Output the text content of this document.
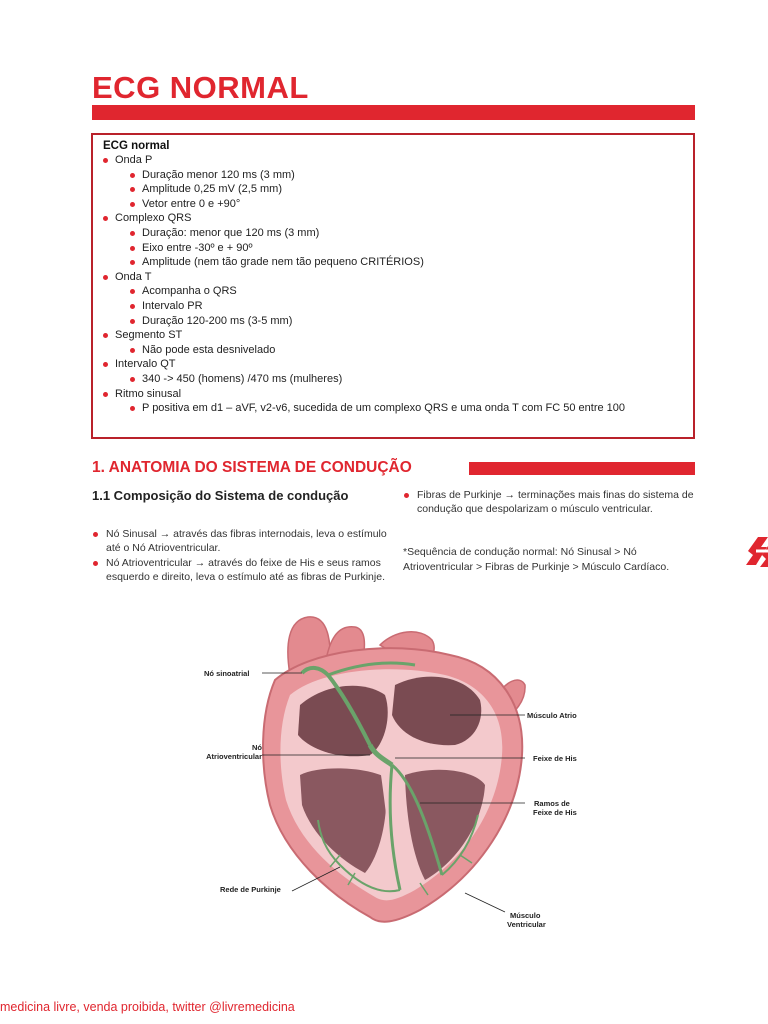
ECG NORMAL
ECG normal
Onda P
Duração menor 120 ms (3 mm)
Amplitude 0,25 mV (2,5 mm)
Vetor entre 0 e +90°
Complexo QRS
Duração: menor que 120 ms (3 mm)
Eixo entre -30º e + 90º
Amplitude (nem tão grade nem tão pequeno CRITÉRIOS)
Onda T
Acompanha o QRS
Intervalo PR
Duração 120-200 ms (3-5 mm)
Segmento ST
Não pode esta desnivelado
Intervalo QT
340 -> 450 (homens) /470 ms (mulheres)
Ritmo sinusal
P positiva em d1 – aVF, v2-v6, sucedida de um complexo QRS e uma onda T com FC 50 entre 100
1. ANATOMIA DO SISTEMA DE CONDUÇÃO
1.1 Composição do Sistema de condução
Nó Sinusal → através das fibras internodais, leva o estímulo até o Nó Atrioventricular.
Nó Atrioventricular → através do feixe de His e seus ramos esquerdo e direito, leva o estímulo até as fibras de Purkinje.
Fibras de Purkinje → terminações mais finas do sistema de condução que despolarizam o músculo ventricular.
*Sequência de condução normal: Nó Sinusal > Nó Atrioventricular > Fibras de Purkinje > Músculo Cardíaco.
Nó sinoatrial
Nó
Atrioventricular
Rede de Purkinje
Músculo Atrio
Feixe de His
Ramos de
Feixe de His
Músculo
Ventricular
medicina livre, venda proibida, twitter @livremedicina
